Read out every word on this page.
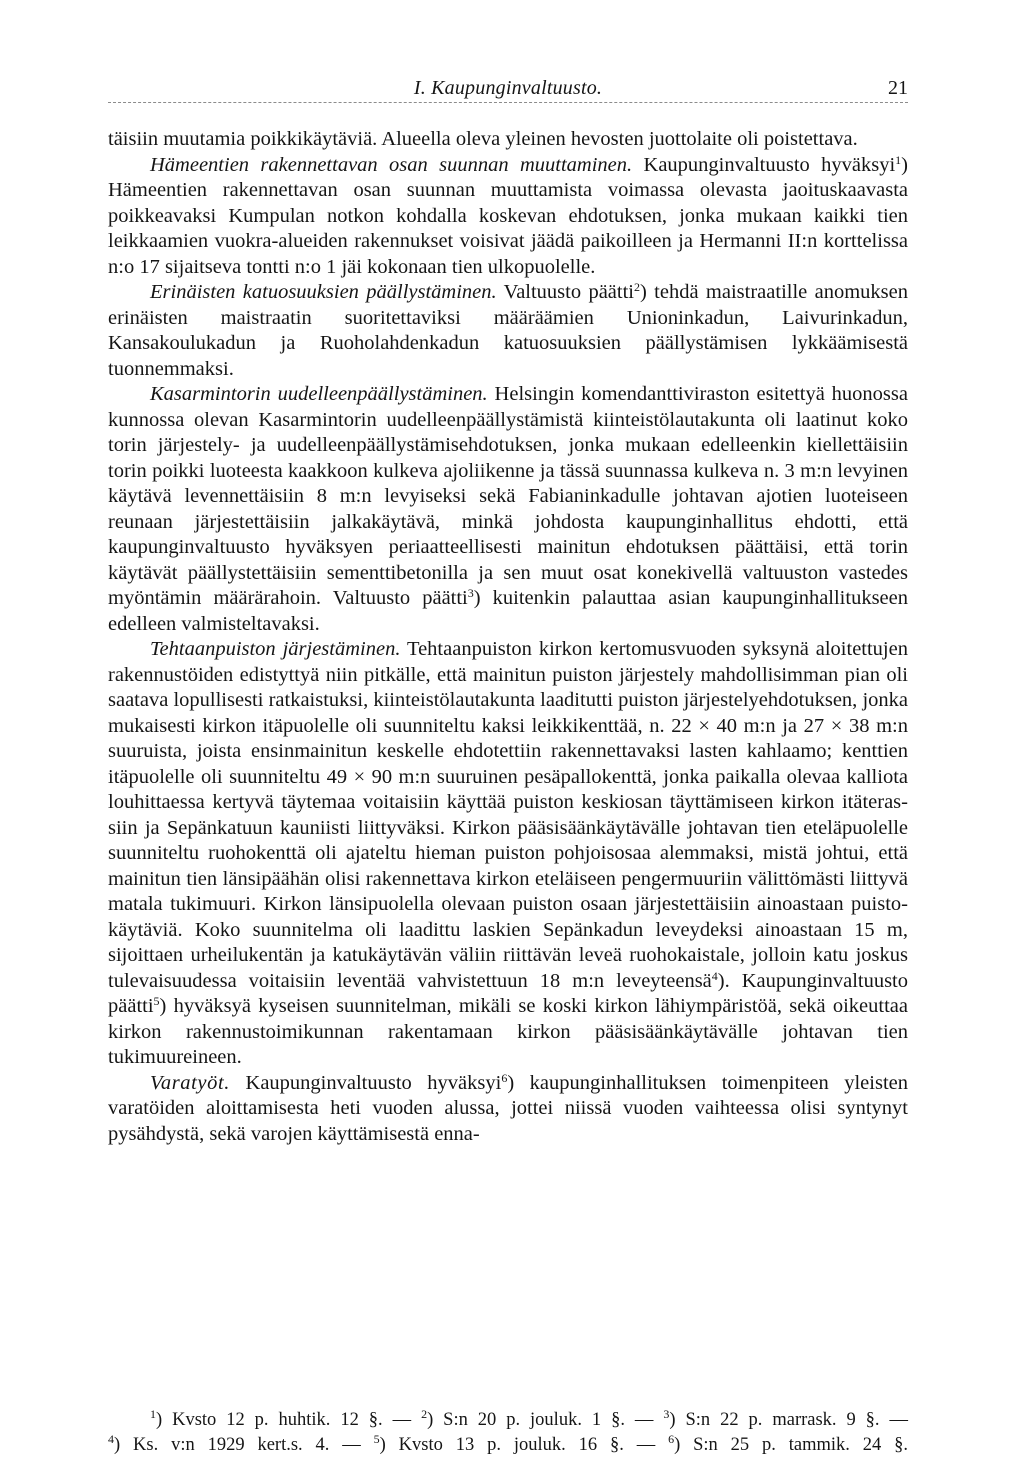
I. Kaupunginvaltuusto.	21

täisiin muutamia poikkikäytäviä. Alueella oleva yleinen hevosten juottolaite oli poistettava.

Hämeentien rakennettavan osan suunnan muuttaminen. Kaupunginvaltuusto hyväksyi$^1$) Hämeentien rakennettavan osan suunnan muuttamista voimassa olevasta jaoituskaavasta poikkeavaksi Kumpulan notkon kohdalla koskevan ehdotuksen, jonka mukaan kaikki tien leikkaamien vuokra-alueiden rakennukset voisivat jäädä paikoilleen ja Hermanni II:n korttelissa n:o 17 sijaitseva tontti n:o 1 jäi kokonaan tien ulkopuolelle.

Erinäisten katuosuuksien päällystäminen. Valtuusto päätti$^2$) tehdä maistraatille anomuksen erinäisten maistraatin suoritettaviksi määräämien Unioninkadun, Laivurinkadun, Kansakoulukadun ja Ruoholahdenkadun katuosuuksien päällystämisen lykkäämisestä tuonnemmaksi.

Kasarmintorin uudelleenpäällystäminen. Helsingin komendanttiviraston esitettyä huonossa kunnossa olevan Kasarmintorin uudelleenpäällystämistä kiinteistölautakunta oli laatinut koko torin järjestely- ja uudelleenpäällystämisehdotuksen, jonka mukaan edelleenkin kiellettäisiin torin poikki luoteesta kaakkoon kulkeva ajoliikenne ja tässä suunnassa kulkeva n. 3 m:n levyinen käytävä levennettäisiin 8 m:n levyiseksi sekä Fabianinkadulle johtavan ajotien luoteiseen reunaan järjestettäisiin jalkakäytävä, minkä johdosta kaupunginhallitus ehdotti, että kaupunginvaltuusto hyväksyen periaatteellisesti mainitun ehdotuksen päättäisi, että torin käytävät päällystettäisiin sementtibetonilla ja sen muut osat konekivellä valtuuston vastedes myöntämin määrärahoin. Valtuusto päätti$^3$) kuitenkin palauttaa asian kaupunginhallitukseen edelleen valmisteltavaksi.

Tehtaanpuiston järjestäminen. Tehtaanpuiston kirkon kertomusvuoden syksynä aloitettujen rakennustöiden edistyttyä niin pitkälle, että mainitun puiston järjestely mahdollisimman pian oli saatava lopullisesti ratkaistuksi, kiinteistölautakunta laaditutti puiston järjestelyehdotuksen, jonka mukaisesti kirkon itäpuolelle oli suunniteltu kaksi leikkikenttää, n. 22 × 40 m:n ja 27 × 38 m:n suuruista, joista ensinmainitun keskelle ehdotettiin rakennettavaksi lasten kahlaamo; kenttien itäpuolelle oli suunniteltu 49 × 90 m:n suuruinen pesäpallokenttä, jonka paikalla olevaa kalliota louhittaessa kertyvä täytemaa voitaisiin käyttää puiston keskiosan täyttämiseen kirkon itäterassiin ja Sepänkatuun kauniisti liittyväksi. Kirkon pääsisäänkäytävälle johtavan tien eteläpuolelle suunniteltu ruohokenttä oli ajateltu hieman puiston pohjoisosaa alemmaksi, mistä johtui, että mainitun tien länsipäähän olisi rakennettava kirkon eteläiseen pengermuuriin välittömästi liittyvä matala tukimuuri. Kirkon länsipuolella olevaan puiston osaan järjestettäisiin ainoastaan puistokäytäviä. Koko suunnitelma oli laadittu laskien Sepänkadun leveydeksi ainoastaan 15 m, sijoittaen urheilukentän ja katukäytävän väliin riittävän leveä ruohokaistale, jolloin katu joskus tulevaisuudessa voitaisiin leventää vahvistettuun 18 m:n leveyteensä$^4$). Kaupunginvaltuusto päätti$^5$) hyväksyä kyseisen suunnitelman, mikäli se koski kirkon lähiympäristöä, sekä oikeuttaa kirkon rakennustoimikunnan rakentamaan kirkon pääsisäänkäytävälle johtavan tien tukimuureineen.

Varatyöt. Kaupunginvaltuusto hyväksyi$^6$) kaupunginhallituksen toimenpiteen yleisten varatöiden aloittamisesta heti vuoden alussa, jottei niissä vuoden vaihteessa olisi syntynyt pysähdystä, sekä varojen käyttämisestä enna-

$^1$) Kvsto 12 p. huhtik. 12 §. — $^2$) S:n 20 p. jouluk. 1 §. — $^3$) S:n 22 p. marrask. 9 §. —
$^4$) Ks. v:n 1929 kert.s. 4. — $^5$) Kvsto 13 p. jouluk. 16 §. — $^6$) S:n 25 p. tammik. 24 §.
